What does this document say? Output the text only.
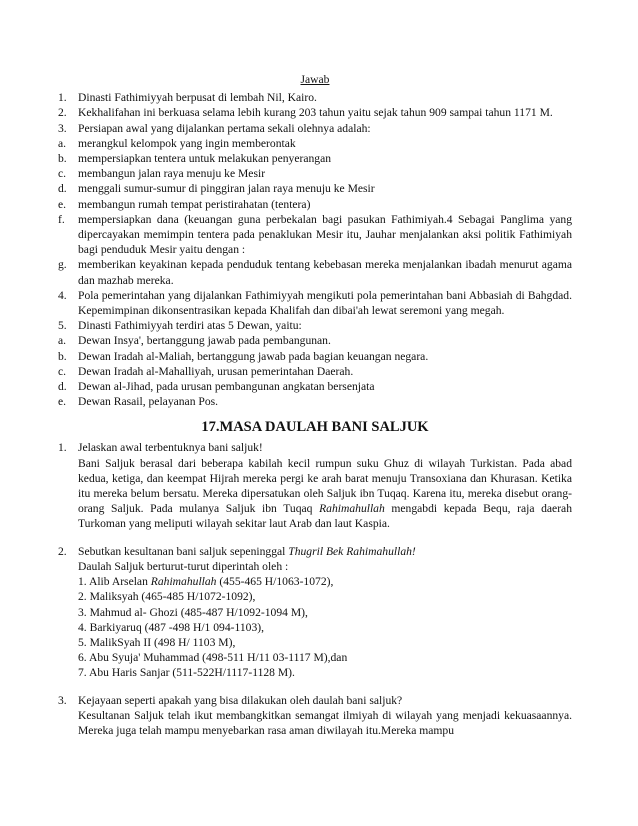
Jawab
1. Dinasti Fathimiyyah berpusat di lembah Nil, Kairo.
2. Kekhalifahan ini berkuasa selama lebih kurang 203 tahun yaitu sejak tahun 909 sampai tahun 1171 M.
3. Persiapan awal yang dijalankan pertama sekali olehnya adalah:
a.	merangkul kelompok yang ingin memberontak
b. mempersiapkan tentera untuk melakukan penyerangan
c.	membangun jalan raya menuju ke Mesir
d. menggali sumur-sumur di pinggiran jalan raya menuju ke Mesir
e.	membangun rumah tempat peristirahatan (tentera)
f.	mempersiapkan dana (keuangan guna perbekalan bagi pasukan Fathimiyah.4 Sebagai Panglima yang dipercayakan memimpin tentera pada penaklukan Mesir itu, Jauhar menjalankan aksi politik Fathimiyah bagi penduduk Mesir yaitu dengan :
g. memberikan keyakinan kepada penduduk tentang kebebasan mereka menjalankan ibadah menurut agama dan mazhab mereka.
4. Pola pemerintahan yang dijalankan Fathimiyyah mengikuti pola pemerintahan bani Abbasiah di Bahgdad. Kepemimpinan dikonsentrasikan kepada Khalifah dan dibai'ah lewat seremoni yang megah.
5. Dinasti Fathimiyyah terdiri atas 5 Dewan, yaitu:
a.	Dewan Insya', bertanggung jawab pada pembangunan.
b. Dewan Iradah al-Maliah, bertanggung jawab pada bagian keuangan negara.
c.	Dewan Iradah al-Mahalliyah, urusan pemerintahan Daerah.
d. Dewan al-Jihad, pada urusan pembangunan angkatan bersenjata
e.	Dewan Rasail, pelayanan Pos.
17.MASA DAULAH BANI SALJUK
1. Jelaskan awal terbentuknya bani saljuk!
Bani Saljuk berasal dari beberapa kabilah kecil rumpun suku Ghuz di wilayah Turkistan. Pada abad kedua, ketiga, dan keempat Hijrah mereka pergi ke arah barat menuju Transoxiana dan Khurasan. Ketika itu mereka belum bersatu. Mereka dipersatukan oleh Saljuk ibn Tuqaq. Karena itu, mereka disebut orang-orang Saljuk. Pada mulanya Saljuk ibn Tuqaq Rahimahullah mengabdi kepada Bequ, raja daerah Turkoman yang meliputi wilayah sekitar laut Arab dan laut Kaspia.
2. Sebutkan kesultanan bani saljuk sepeninggal Thugril Bek Rahimahullah!
Daulah Saljuk berturut-turut diperintah oleh :
1. Alib Arselan Rahimahullah (455-465 H/1063-1072),
2. Maliksyah (465-485 H/1072-1092),
3. Mahmud al- Ghozi (485-487 H/1092-1094 M),
4. Barkiyaruq (487 -498 H/1 094-1103),
5. MalikSyah II (498 H/ 1103 M),
6. Abu Syuja' Muhammad (498-511 H/11 03-1117 M),dan
7. Abu Haris Sanjar (511-522H/1117-1128 M).
3. Kejayaan seperti apakah yang bisa dilakukan oleh daulah bani saljuk?
Kesultanan Saljuk telah ikut membangkitkan semangat ilmiyah di wilayah yang menjadi kekuasaannya. Mereka juga telah mampu menyebarkan rasa aman diwilayah itu.Mereka mampu
